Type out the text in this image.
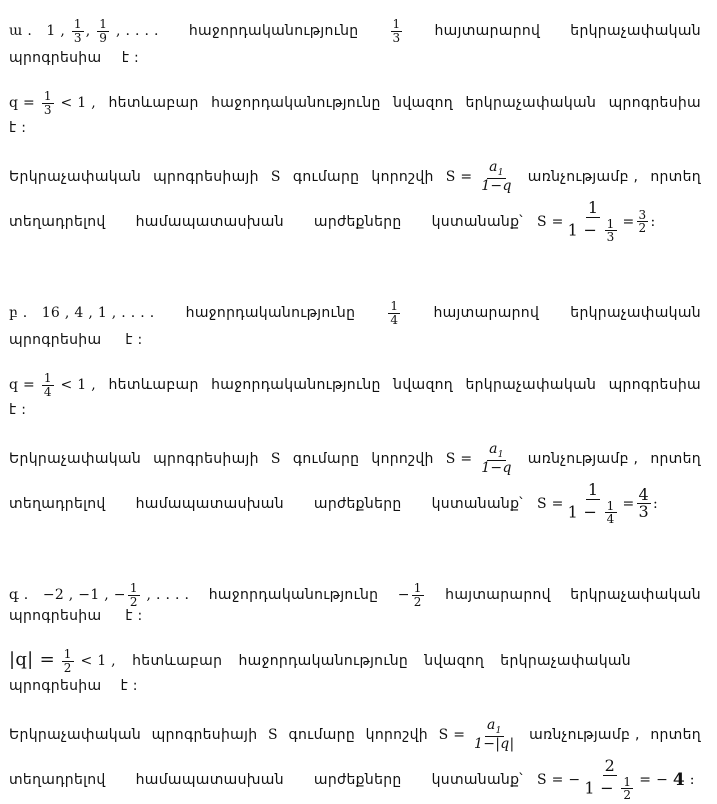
ա . 1 , $\frac{1}{3}$ , $\frac{1}{9}$ , . . . . հաջորդականությունը	$\frac{1}{3}$ հայտարարով երկրաչափական
պրոգրեսիա
է :
$q = \frac{1}{3} < 1$ , հետևաբար հաջորդականությունը նվազող երկրաչափական պրոգրեսիա
է :
Երկրաչափական պրոգրեսիայի S գումարը կորոշվի $S = \frac{a_1}{1-q}$ առնչությամբ , որտեղ
տեղադրելով համապատասխան արժեքները կստանանք՝ $S = \frac{1}{1 - \frac{1}{3}} = \frac{3}{2}$ :
բ . 16 , 4 , 1 , . . . . հաջորդականությունը	$\frac{1}{4}$ հայտարարով երկրաչափական
պրոգրեսիա
է :
$q = \frac{1}{4} < 1$ , հետևաբար հաջորդականությունը նվազող երկրաչափական պրոգրեսիա
է :
Երկրաչափական պրոգրեսիայի S գումարը կորոշվի $S = \frac{a_1}{1-q}$ առնչությամբ , որտեղ
տեղադրելով համապատասխան արժեքները կստանանք՝ $S = \frac{1}{1 - \frac{1}{4}} = \frac{4}{3}$ :
գ . −2 , −1 , − $\frac{1}{2}$ , . . . . հաջորդականությունը − $\frac{1}{2}$ հայտարարով երկրաչափական
պրոգրեսիա
է :
$|q| = \frac{1}{2} < 1$ , հետևաբար հաջորդականությունը նվազող երկրաչափական
պրոգրեսիա
է :
Երկրաչափական պրոգրեսիայի S գումարը կորոշվի $S = \frac{a_1}{1-|q|}$ առնչությամբ , որտեղ
տեղադրելով համապատասխան արժեքները կստանանք՝ S = − $\frac{2}{1 - \frac{1}{2}}$ = −
4
:
